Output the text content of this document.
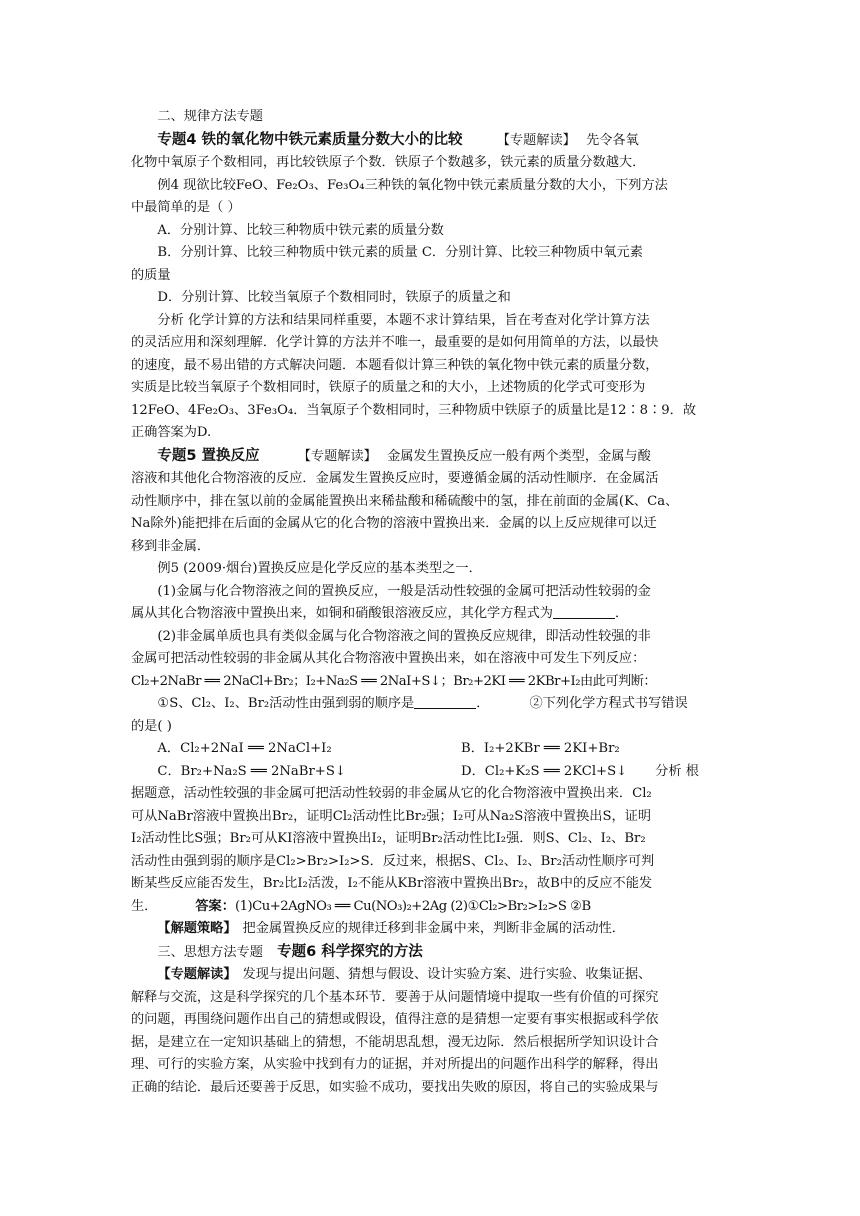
二、规律方法专题

专题4 铁的氧化物中铁元素质量分数大小的比较	【专题解读】 先令各氧

化物中氧原子个数相同，再比较铁原子个数．铁原子个数越多，铁元素的质量分数越大．

例4 现欲比较FeO、Fe₂O₃、Fe₃O₄三种铁的氧化物中铁元素质量分数的大小，下列方法

中最简单的是（ ）

A．分别计算、比较三种物质中铁元素的质量分数

B．分别计算、比较三种物质中铁元素的质量 C．分别计算、比较三种物质中氧元素

的质量

D．分别计算、比较当氧原子个数相同时，铁原子的质量之和

分析 化学计算的方法和结果同样重要，本题不求计算结果，旨在考查对化学计算方法

的灵活应用和深刻理解．化学计算的方法并不唯一，最重要的是如何用简单的方法，以最快

的速度，最不易出错的方式解决问题．本题看似计算三种铁的氧化物中铁元素的质量分数，

实质是比较当氧原子个数相同时，铁原子的质量之和的大小，上述物质的化学式可变形为

12FeO、4Fe₂O₃、3Fe₃O₄．当氧原子个数相同时，三种物质中铁原子的质量比是12∶8∶9．故

正确答案为D.

专题5 置换反应	【专题解读】 金属发生置换反应一般有两个类型，金属与酸

溶液和其他化合物溶液的反应．金属发生置换反应时，要遵循金属的活动性顺序．在金属活

动性顺序中，排在氢以前的金属能置换出来稀盐酸和稀硫酸中的氢，排在前面的金属(K、Ca、

Na除外)能把排在后面的金属从它的化合物的溶液中置换出来．金属的以上反应规律可以迁

移到非金属．

例5 (2009·烟台)置换反应是化学反应的基本类型之一．

(1)金属与化合物溶液之间的置换反应，一般是活动性较强的金属可把活动性较弱的金

属从其化合物溶液中置换出来，如铜和硝酸银溶液反应，其化学方程式为	．

(2)非金属单质也具有类似金属与化合物溶液之间的置换反应规律，即活动性较强的非

金属可把活动性较弱的非金属从其化合物溶液中置换出来，如在溶液中可发生下列反应：

Cl₂+2NaBr ══ 2NaCl+Br₂；I₂+Na₂S ══ 2NaI+S↓；Br₂+2KI ══ 2KBr+I₂由此可判断：

①S、Cl₂、I₂、Br₂活动性由强到弱的顺序是	．	②下列化学方程式书写错误

的是( )

A．Cl₂+2NaI ══ 2NaCl+I₂	B．I₂+2KBr ══ 2KI+Br₂
C．Br₂+Na₂S ══ 2NaBr+S↓	D．Cl₂+K₂S ══ 2KCl+S↓ 分析 根

据题意，活动性较强的非金属可把活动性较弱的非金属从它的化合物溶液中置换出来．Cl₂

可从NaBr溶液中置换出Br₂，证明Cl₂活动性比Br₂强；I₂可从Na₂S溶液中置换出S，证明

I₂活动性比S强；Br₂可从KI溶液中置换出I₂，证明Br₂活动性比I₂强．则S、Cl₂、I₂、Br₂

活动性由强到弱的顺序是Cl₂>Br₂>I₂>S．反过来，根据S、Cl₂、I₂、Br₂活动性顺序可判

断某些反应能否发生，Br₂比I₂活泼，I₂不能从KBr溶液中置换出Br₂，故B中的反应不能发

生．	答案：(1)Cu+2AgNO₃ ══ Cu(NO₃)₂+2Ag (2)①Cl₂>Br₂>I₂>S ②B

【解题策略】 把金属置换反应的规律迁移到非金属中来，判断非金属的活动性．

三、思想方法专题 专题6 科学探究的方法

【专题解读】 发现与提出问题、猜想与假设、设计实验方案、进行实验、收集证据、

解释与交流，这是科学探究的几个基本环节．要善于从问题情境中提取一些有价值的可探究

的问题，再围绕问题作出自己的猜想或假设，值得注意的是猜想一定要有事实根据或科学依

据，是建立在一定知识基础上的猜想，不能胡思乱想，漫无边际．然后根据所学知识设计合

理、可行的实验方案，从实验中找到有力的证据，并对所提出的问题作出科学的解释，得出

正确的结论．最后还要善于反思，如实验不成功，要找出失败的原因，将自己的实验成果与
